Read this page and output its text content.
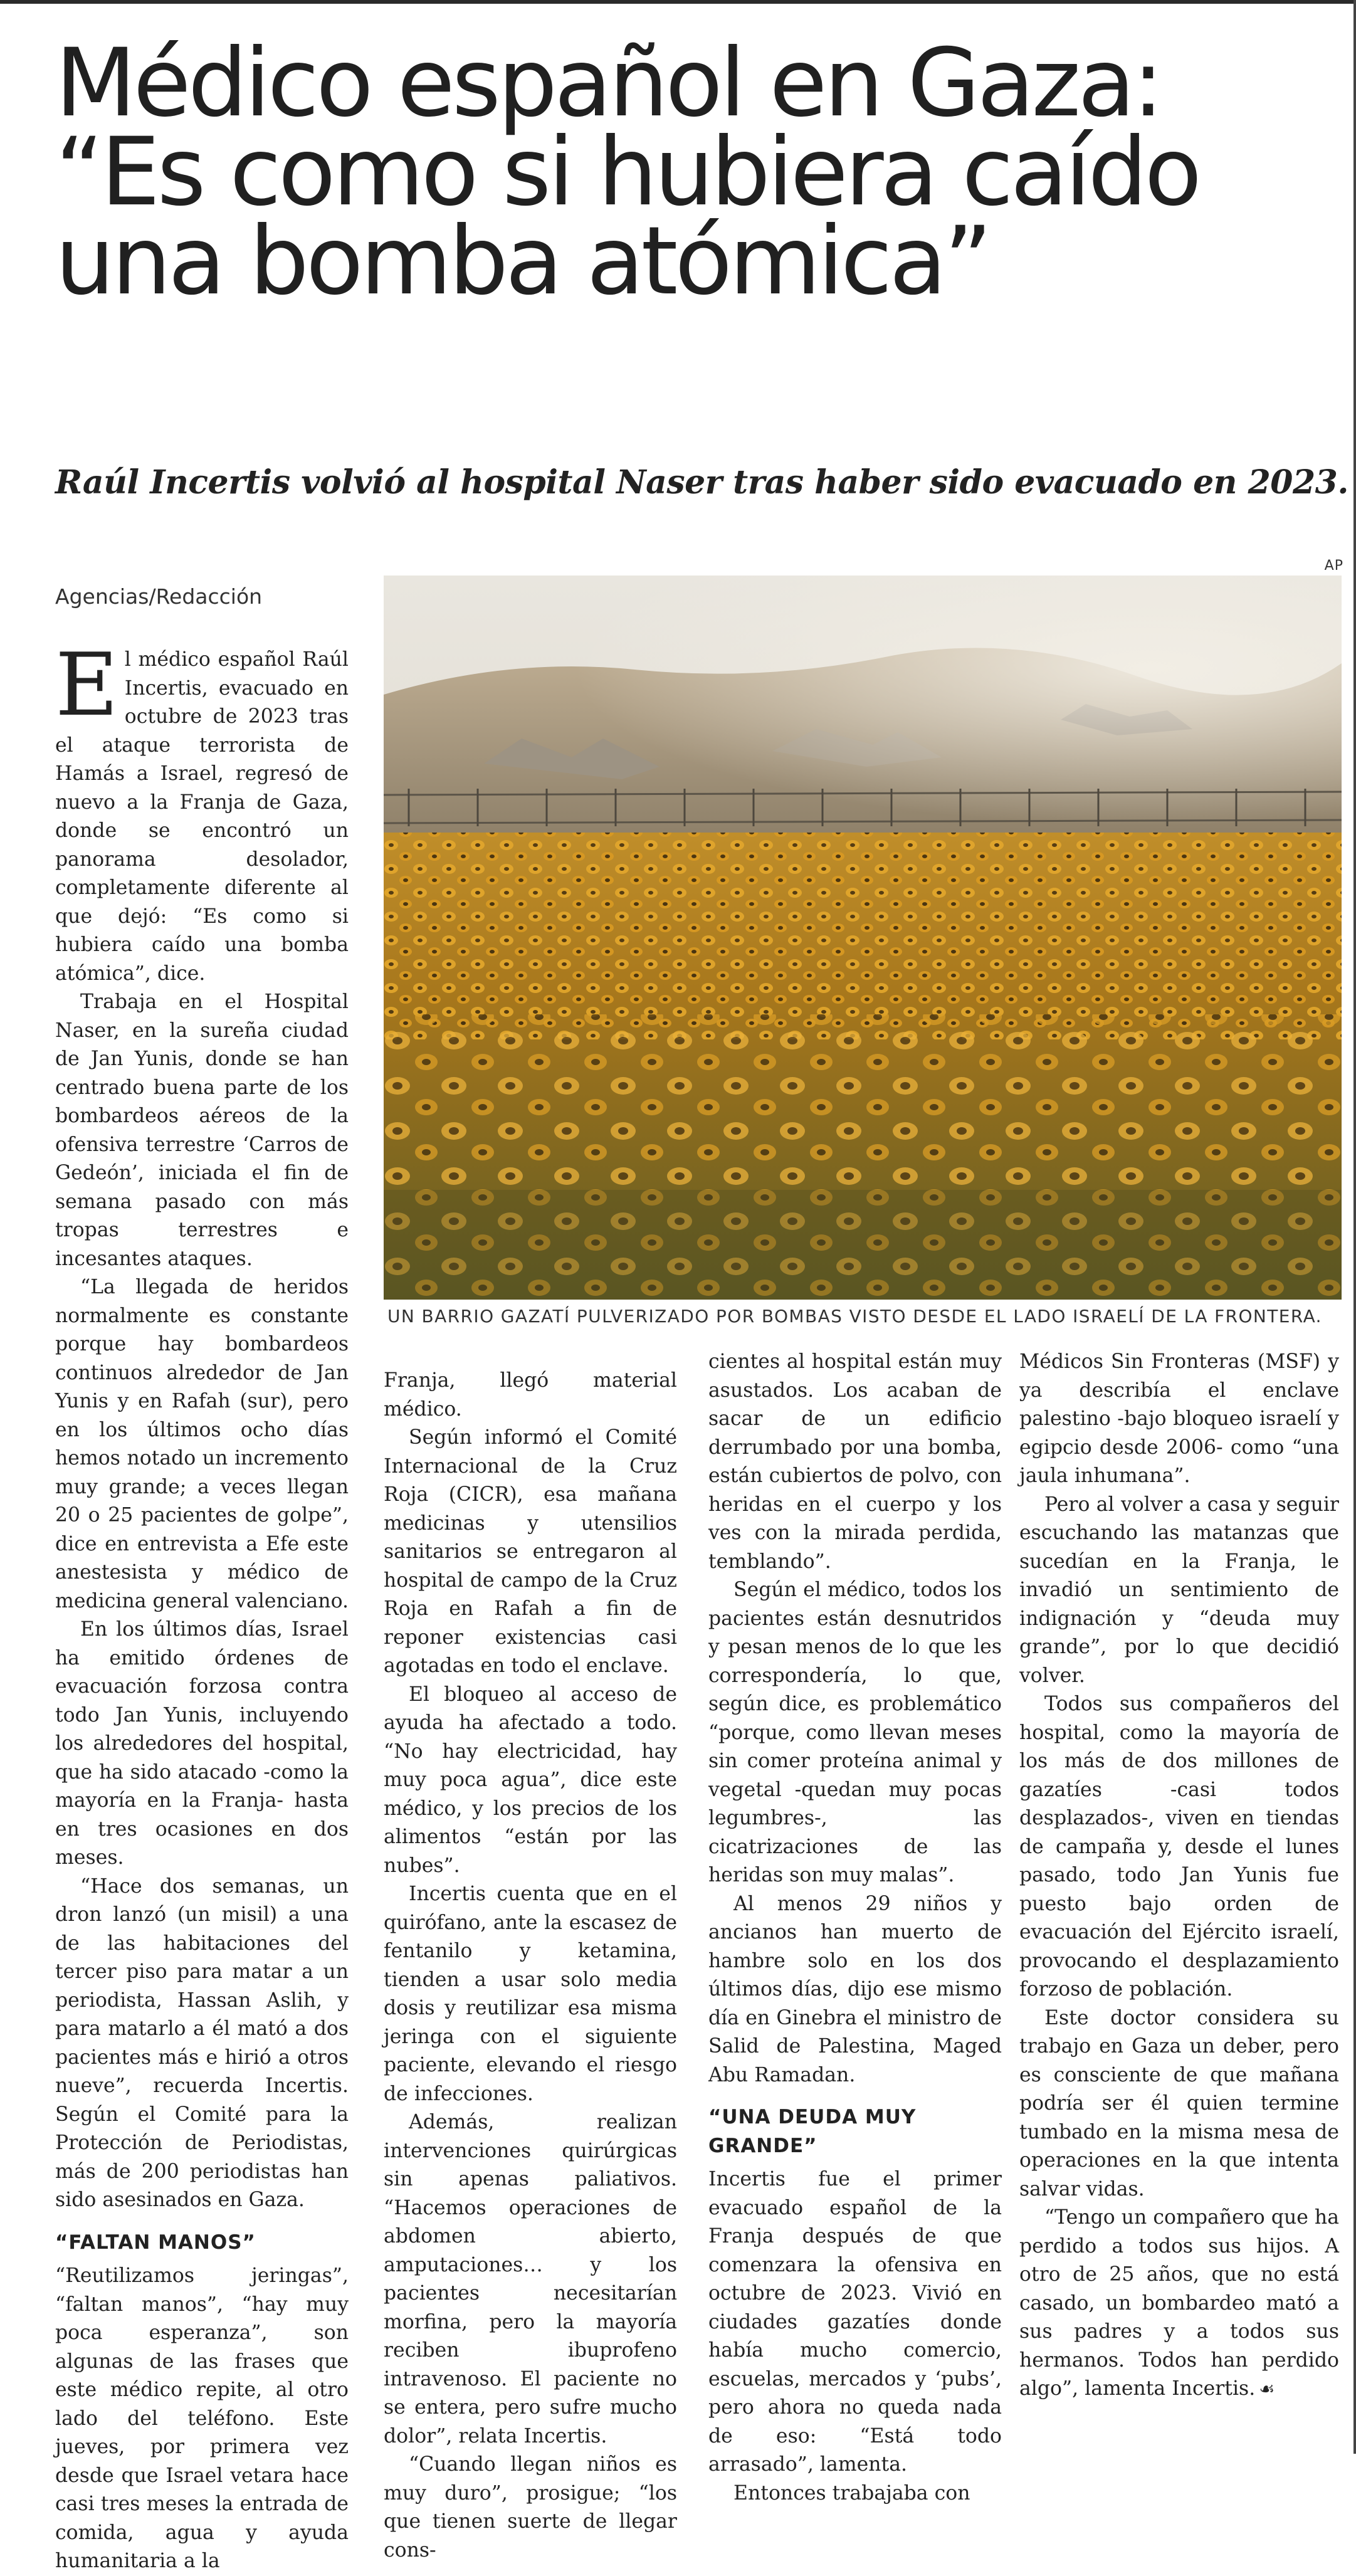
Médico español en Gaza:
“Es como si hubiera caído
una bomba atómica”
Raúl Incertis volvió al hospital Naser tras haber sido evacuado en 2023.
Agencias/Redacción
AP
UN BARRIO GAZATÍ PULVERIZADO POR BOMBAS VISTO DESDE EL LADO ISRAELÍ DE LA FRONTERA.

El médico español Raúl Incertis, evacuado en octubre de 2023 tras el ataque terrorista de Hamás a Israel, regresó de nuevo a la Franja de Gaza, donde se encontró un panorama desolador, completamente diferente al que dejó: “Es como si hubiera caído una bomba atómica”, dice.

Trabaja en el Hospital Naser, en la sureña ciudad de Jan Yunis, donde se han centrado buena parte de los bombardeos aéreos de la ofensiva terrestre ‘Carros de Gedeón’, iniciada el fin de semana pasado con más tropas terrestres e incesantes ataques.

“La llegada de heridos normalmente es constante porque hay bombardeos continuos alrededor de Jan Yunis y en Rafah (sur), pero en los últimos ocho días hemos notado un incremento muy grande; a veces llegan 20 o 25 pacientes de golpe”, dice en entrevista a Efe este anestesista y médico de medicina general valenciano.

En los últimos días, Israel ha emitido órdenes de evacuación forzosa contra todo Jan Yunis, incluyendo los alrededores del hospital, que ha sido atacado -como la mayoría en la Franja- hasta en tres ocasiones en dos meses.

“Hace dos semanas, un dron lanzó (un misil) a una de las habitaciones del tercer piso para matar a un periodista, Hassan Aslih, y para matarlo a él mató a dos pacientes más e hirió a otros nueve”, recuerda Incertis. Según el Comité para la Protección de Periodistas, más de 200 periodistas han sido asesinados en Gaza.

“FALTAN MANOS”

“Reutilizamos jeringas”, “faltan manos”, “hay muy poca esperanza”, son algunas de las frases que este médico repite, al otro lado del teléfono. Este jueves, por primera vez desde que Israel vetara hace casi tres meses la entrada de comida, agua y ayuda humanitaria a la

Franja, llegó material médico.

Según informó el Comité Internacional de la Cruz Roja (CICR), esa mañana medicinas y utensilios sanitarios se entregaron al hospital de campo de la Cruz Roja en Rafah a fin de reponer existencias casi agotadas en todo el enclave.

El bloqueo al acceso de ayuda ha afectado a todo. “No hay electricidad, hay muy poca agua”, dice este médico, y los precios de los alimentos “están por las nubes”.

Incertis cuenta que en el quirófano, ante la escasez de fentanilo y ketamina, tienden a usar solo media dosis y reutilizar esa misma jeringa con el siguiente paciente, elevando el riesgo de infecciones.

Además, realizan intervenciones quirúrgicas sin apenas paliativos. “Hacemos operaciones de abdomen abierto, amputaciones… y los pacientes necesitarían morfina, pero la mayoría reciben ibuprofeno intravenoso. El paciente no se entera, pero sufre mucho dolor”, relata Incertis.

“Cuando llegan niños es muy duro”, prosigue; “los que tienen suerte de llegar cons-

cientes al hospital están muy asustados. Los acaban de sacar de un edificio derrumbado por una bomba, están cubiertos de polvo, con heridas en el cuerpo y los ves con la mirada perdida, temblando”.

Según el médico, todos los pacientes están desnutridos y pesan menos de lo que les correspondería, lo que, según dice, es problemático “porque, como llevan meses sin comer proteína animal y vegetal -quedan muy pocas legumbres-, las cicatrizaciones de las heridas son muy malas”.

Al menos 29 niños y ancianos han muerto de hambre solo en los dos últimos días, dijo ese mismo día en Ginebra el ministro de Salid de Palestina, Maged Abu Ramadan.

“UNA DEUDA MUY GRANDE”

Incertis fue el primer evacuado español de la Franja después de que comenzara la ofensiva en octubre de 2023. Vivió en ciudades gazatíes donde había mucho comercio, escuelas, mercados y ‘pubs’, pero ahora no queda nada de eso: “Está todo arrasado”, lamenta.

Entonces trabajaba con

Médicos Sin Fronteras (MSF) y ya describía el enclave palestino -bajo bloqueo israelí y egipcio desde 2006- como “una jaula inhumana”.

Pero al volver a casa y seguir escuchando las matanzas que sucedían en la Franja, le invadió un sentimiento de indignación y “deuda muy grande”, por lo que decidió volver.

Todos sus compañeros del hospital, como la mayoría de los más de dos millones de gazatíes -casi todos desplazados-, viven en tiendas de campaña y, desde el lunes pasado, todo Jan Yunis fue puesto bajo orden de evacuación del Ejército israelí, provocando el desplazamiento forzoso de población.

Este doctor considera su trabajo en Gaza un deber, pero es consciente de que mañana podría ser él quien termine tumbado en la misma mesa de operaciones en la que intenta salvar vidas.

“Tengo un compañero que ha perdido a todos sus hijos. A otro de 25 años, que no está casado, un bombardeo mató a sus padres y a todos sus hermanos. Todos han perdido algo”, lamenta Incertis. ☙
